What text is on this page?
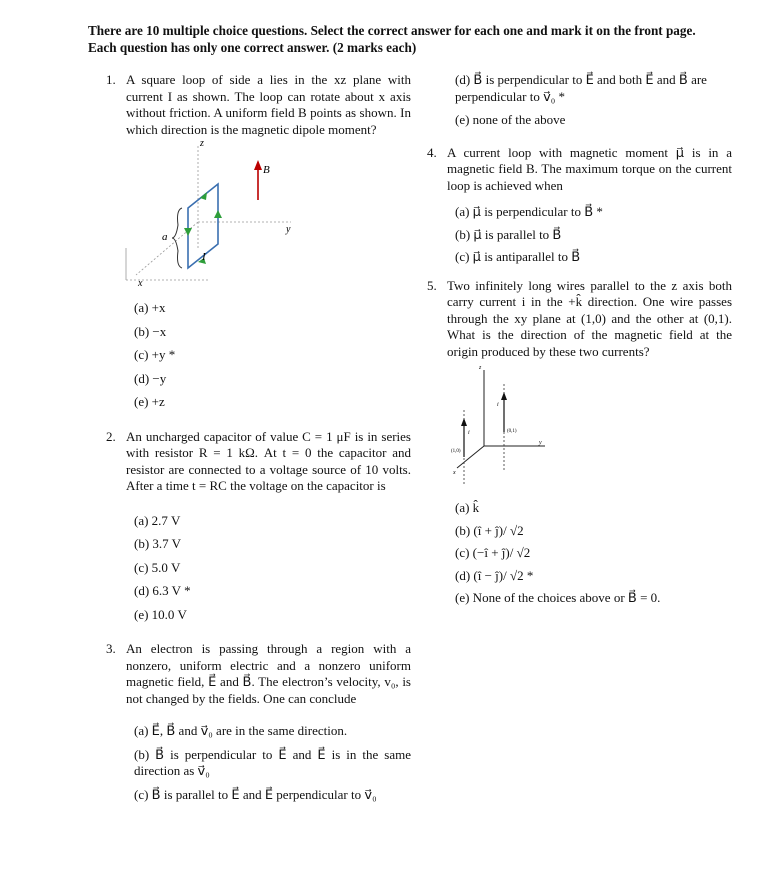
There are 10 multiple choice questions. Select the correct answer for each one and mark it on the front page.
Each question has only one correct answer. (2 marks each)
1. A square loop of side a lies in the xz plane with current I as shown. The loop can rotate about x axis without friction. A uniform field B points as shown. In which direction is the magnetic dipole moment?
z
y
x
a
I
B
(a) +x
(b) −x
(c) +y *
(d) −y
(e) +z
2. An uncharged capacitor of value C = 1 μF is in series with resistor R = 1 kΩ. At t = 0 the capacitor and resistor are connected to a voltage source of 10 volts. After a time t = RC the voltage on the capacitor is
(a) 2.7 V
(b) 3.7 V
(c) 5.0 V
(d) 6.3 V *
(e) 10.0 V
3. An electron is passing through a region with a nonzero, uniform electric and a nonzero uniform magnetic field, E⃗ and B⃗. The electron’s velocity, v₀, is not changed by the fields. One can conclude
(a) E⃗, B⃗ and v⃗₀ are in the same direction.
(b) B⃗ is perpendicular to E⃗ and E⃗ is in the same direction as v⃗₀
(c) B⃗ is parallel to E⃗ and E⃗ perpendicular to v⃗₀
(d) B⃗ is perpendicular to E⃗ and both E⃗ and B⃗ are perpendicular to v⃗₀ *
(e) none of the above
4. A current loop with magnetic moment μ⃗ is in a magnetic field B. The maximum torque on the current loop is achieved when
(a) μ⃗ is perpendicular to B⃗ *
(b) μ⃗ is parallel to B⃗
(c) μ⃗ is antiparallel to B⃗
5. Two infinitely long wires parallel to the z axis both carry current i in the +k̂ direction. One wire passes through the xy plane at (1,0) and the other at (0,1). What is the direction of the magnetic field at the origin produced by these two currents?
z
y
x
i
i
(1,0)
(0,1)
(a) k̂
(b) (î + ĵ)/ √2
(c) (−î + ĵ)/ √2
(d) (î − ĵ)/ √2 *
(e) None of the choices above or B⃗ = 0.
